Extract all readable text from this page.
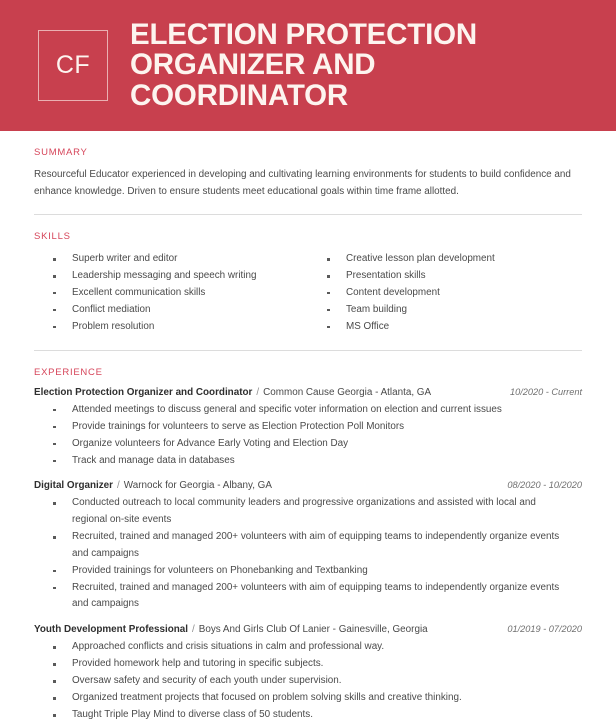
CF
ELECTION PROTECTION ORGANIZER AND COORDINATOR
SUMMARY
Resourceful Educator experienced in developing and cultivating learning environments for students to build confidence and enhance knowledge. Driven to ensure students meet educational goals within time frame allotted.
SKILLS
Superb writer and editor
Leadership messaging and speech writing
Excellent communication skills
Conflict mediation
Problem resolution
Creative lesson plan development
Presentation skills
Content development
Team building
MS Office
EXPERIENCE
Election Protection Organizer and Coordinator / Common Cause Georgia - Atlanta, GA	10/2020 - Current
Attended meetings to discuss general and specific voter information on election and current issues
Provide trainings for volunteers to serve as Election Protection Poll Monitors
Organize volunteers for Advance Early Voting and Election Day
Track and manage data in databases
Digital Organizer / Warnock for Georgia - Albany, GA	08/2020 - 10/2020
Conducted outreach to local community leaders and progressive organizations and assisted with local and regional on-site events
Recruited, trained and managed 200+ volunteers with aim of equipping teams to independently organize events and campaigns
Provided trainings for volunteers on Phonebanking and Textbanking
Recruited, trained and managed 200+ volunteers with aim of equipping teams to independently organize events and campaigns
Youth Development Professional / Boys And Girls Club Of Lanier - Gainesville, Georgia	01/2019 - 07/2020
Approached conflicts and crisis situations in calm and professional way.
Provided homework help and tutoring in specific subjects.
Oversaw safety and security of each youth under supervision.
Organized treatment projects that focused on problem solving skills and creative thinking.
Taught Triple Play Mind to diverse class of 50 students.
